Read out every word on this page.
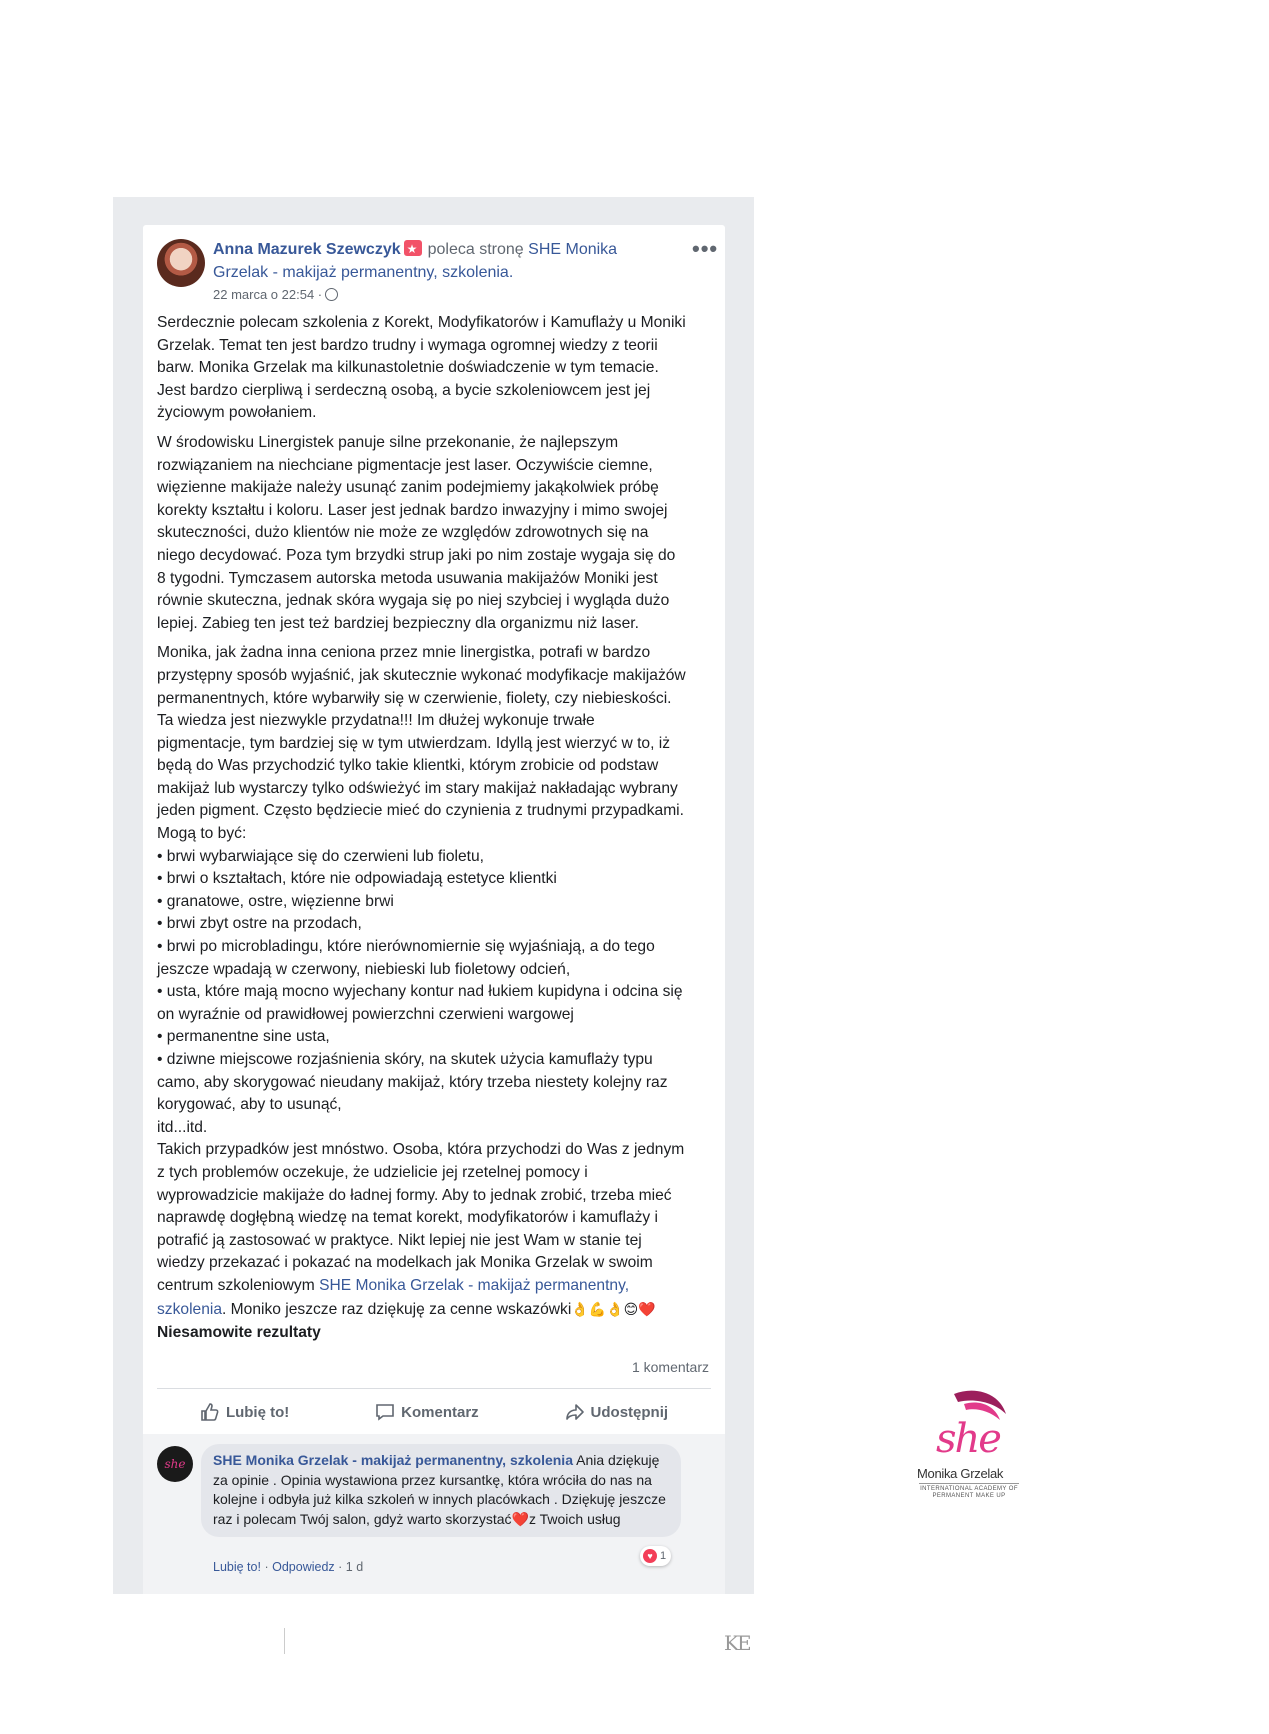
Anna Mazurek Szewczyk★ poleca stronę SHE Monika
Grzelak - makijaż permanentny, szkolenia.
22 marca o 22:54 ·
•••

Serdecznie polecam szkolenia z Korekt, Modyfikatorów i Kamuflaży u Moniki
Grzelak. Temat ten jest bardzo trudny i wymaga ogromnej wiedzy z teorii
barw. Monika Grzelak ma kilkunastoletnie doświadczenie w tym temacie.
Jest bardzo cierpliwą i serdeczną osobą, a bycie szkoleniowcem jest jej
życiowym powołaniem.

W środowisku Linergistek panuje silne przekonanie, że najlepszym
rozwiązaniem na niechciane pigmentacje jest laser. Oczywiście ciemne,
więzienne makijaże należy usunąć zanim podejmiemy jakąkolwiek próbę
korekty kształtu i koloru. Laser jest jednak bardzo inwazyjny i mimo swojej
skuteczności, dużo klientów nie może ze względów zdrowotnych się na
niego decydować. Poza tym brzydki strup jaki po nim zostaje wygaja się do
8 tygodni. Tymczasem autorska metoda usuwania makijażów Moniki jest
równie skuteczna, jednak skóra wygaja się po niej szybciej i wygląda dużo
lepiej. Zabieg ten jest też bardziej bezpieczny dla organizmu niż laser.

Monika, jak żadna inna ceniona przez mnie linergistka, potrafi w bardzo
przystępny sposób wyjaśnić, jak skutecznie wykonać modyfikacje makijażów
permanentnych, które wybarwiły się w czerwienie, fiolety, czy niebieskości.
Ta wiedza jest niezwykle przydatna!!! Im dłużej wykonuje trwałe
pigmentacje, tym bardziej się w tym utwierdzam. Idyllą jest wierzyć w to, iż
będą do Was przychodzić tylko takie klientki, którym zrobicie od podstaw
makijaż lub wystarczy tylko odświeżyć im stary makijaż nakładając wybrany
jeden pigment. Często będziecie mieć do czynienia z trudnymi przypadkami.
Mogą to być:
• brwi wybarwiające się do czerwieni lub fioletu,
• brwi o kształtach, które nie odpowiadają estetyce klientki
• granatowe, ostre, więzienne brwi
• brwi zbyt ostre na przodach,
• brwi po microbladingu, które nierównomiernie się wyjaśniają, a do tego
jeszcze wpadają w czerwony, niebieski lub fioletowy odcień,
• usta, które mają mocno wyjechany kontur nad łukiem kupidyna i odcina się
on wyraźnie od prawidłowej powierzchni czerwieni wargowej
• permanentne sine usta,
• dziwne miejscowe rozjaśnienia skóry, na skutek użycia kamuflaży typu
camo, aby skorygować nieudany makijaż, który trzeba niestety kolejny raz
korygować, aby to usunąć,
itd...itd.
Takich przypadków jest mnóstwo. Osoba, która przychodzi do Was z jednym
z tych problemów oczekuje, że udzielicie jej rzetelnej pomocy i
wyprowadzicie makijaże do ładnej formy. Aby to jednak zrobić, trzeba mieć
naprawdę dogłębną wiedzę na temat korekt, modyfikatorów i kamuflaży i
potrafić ją zastosować w praktyce. Nikt lepiej nie jest Wam w stanie tej
wiedzy przekazać i pokazać na modelkach jak Monika Grzelak w swoim

centrum szkoleniowym SHE Monika Grzelak - makijaż permanentny,
szkolenia. Moniko jeszcze raz dziękuję za cenne wskazówki👌💪👌😊❤️
Niesamowite rezultaty
1 komentarz
Lubię to!	Komentarz	Udostępnij
she	SHE Monika Grzelak - makijaż permanentny, szkolenia Ania dziękuję za opinie . Opinia wystawiona przez kursantkę, która wróciła do nas na kolejne i odbyła już kilka szkoleń w innych placówkach . Dziękuję jeszcze raz i polecam Twój salon, gdyż warto skorzystać❤️z Twoich usług
♥ 1
Lubię to! · Odpowiedz · 1 d
she
Monika Grzelak
INTERNATIONAL ACADEMY OF PERMANENT MAKE UP
KE
